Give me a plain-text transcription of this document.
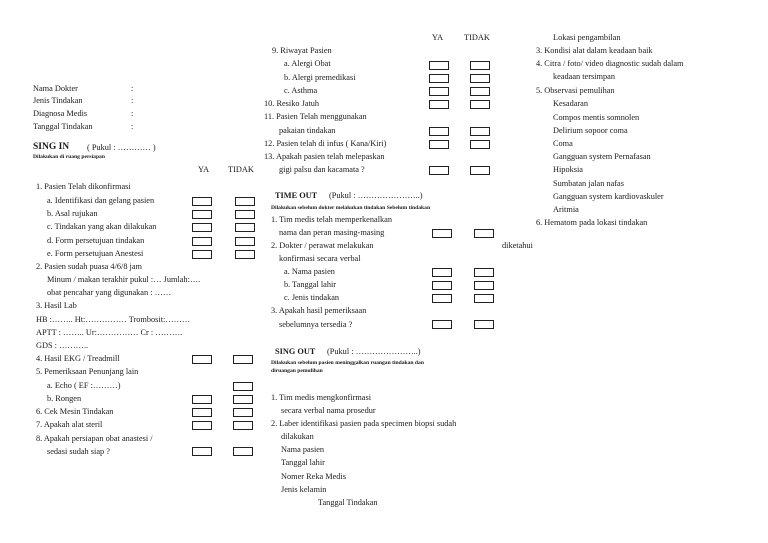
YA	TIDAK
Nama Dokter	:
Jenis Tindakan	:
Diagnosa Medis	:
Tanggal Tindakan	:
SING IN ( Pukul : ………… )
Dilakukan di ruang persiapan
YA TIDAK
1. Pasien Telah dikonfirmasi
a. Identifikasi dan gelang pasien
b. Asal rujukan
c. Tindakan yang akan dilakukan
d. Form persetujuan tindakan
e. Form persetujuan Anestesi
2. Pasien sudah puasa 4/6/8 jam
Minum / makan terakhir pukul :… Jumlah:….
obat pencahar yang digunakan : ……
3. Hasil Lab
HB :…….. Ht:…………… Trombosit:………
APTT : …….. Ur:…………… Cr : ……….
GDS : ………..
4. Hasil EKG / Treadmill
5. Pemeriksaan Penunjang lain
a. Echo ( EF :………)
b. Rongen
6. Cek Mesin Tindakan
7. Apakah alat steril
8. Apakah persiapan obat anastesi /
sedasi sudah siap ?
9. Riwayat Pasien
a. Alergi Obat
b. Alergi premedikasi
c. Asthma
10. Resiko Jatuh
11. Pasien Telah menggunakan
pakaian tindakan
12. Pasien telah di infus ( Kana/Kiri)
13. Apakah pasien telah melepaskan
gigi palsu dan kacamata ?
TIME OUT (Pukul : …………………..)
Dilakukan sebelum dokter melakukan tindakan Sebelum tindakan
1. Tim medis telah memperkenalkan
nama dan peran masing-masing
2. Dokter / perawat melakukan
konfirmasi secara verbal
a. Nama pasien
b. Tanggal lahir
c. Jenis tindakan
3. Apakah hasil pemeriksaan
sebelumnya tersedia ?
diketahui
SING OUT (Pukul : …………………..)
Dilakukan sebelum pasien meninggalkan ruangan tindakan dan
diruangan pemulihan
1. Tim medis mengkonfirmasi
secara verbal nama prosedur
2. Laber identifikasi pasien pada specimen biopsi sudah
dilakukan
Nama pasien
Tanggal lahir
Nomer Reka Medis
Jenis kelamin
Tanggal Tindakan
Lokasi pengambilan
3. Kondisi alat dalam keadaan baik
4. Citra / foto/ video diagnostic sudah dalam
keadaan tersimpan
5. Observasi pemulihan
Kesadaran
Compos mentis somnolen
Delirium sopoor coma
Coma
Gangguan system Pernafasan
Hipoksia
Sumbatan jalan nafas
Gangguan system kardiovaskuler
Aritmia
6. Hematom pada lokasi tindakan
